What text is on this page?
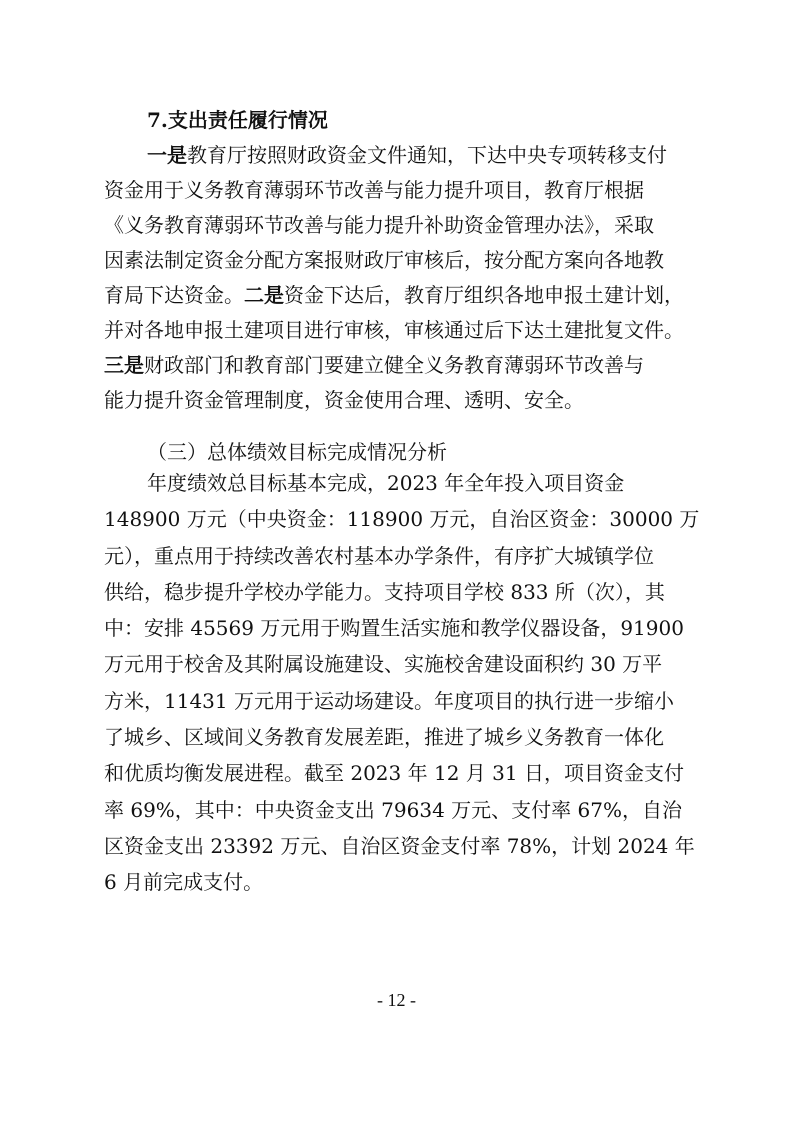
7.支出责任履行情况

一是教育厅按照财政资金文件通知，下达中央专项转移支付
资金用于义务教育薄弱环节改善与能力提升项目，教育厅根据
《义务教育薄弱环节改善与能力提升补助资金管理办法》，采取
因素法制定资金分配方案报财政厅审核后，按分配方案向各地教
育局下达资金。二是资金下达后，教育厅组织各地申报土建计划，
并对各地申报土建项目进行审核，审核通过后下达土建批复文件。
三是财政部门和教育部门要建立健全义务教育薄弱环节改善与
能力提升资金管理制度，资金使用合理、透明、安全。

（三）总体绩效目标完成情况分析

年度绩效总目标基本完成，2023 年全年投入项目资金
148900 万元（中央资金：118900 万元，自治区资金：30000 万
元），重点用于持续改善农村基本办学条件，有序扩大城镇学位
供给，稳步提升学校办学能力。支持项目学校 833 所（次），其
中：安排 45569 万元用于购置生活实施和教学仪器设备，91900
万元用于校舍及其附属设施建设、实施校舍建设面积约 30 万平
方米，11431 万元用于运动场建设。年度项目的执行进一步缩小
了城乡、区域间义务教育发展差距，推进了城乡义务教育一体化
和优质均衡发展进程。截至 2023 年 12 月 31 日，项目资金支付
率 69%，其中：中央资金支出 79634 万元、支付率 67%，自治
区资金支出 23392 万元、自治区资金支付率 78%，计划 2024 年
6 月前完成支付。

- 12 -
